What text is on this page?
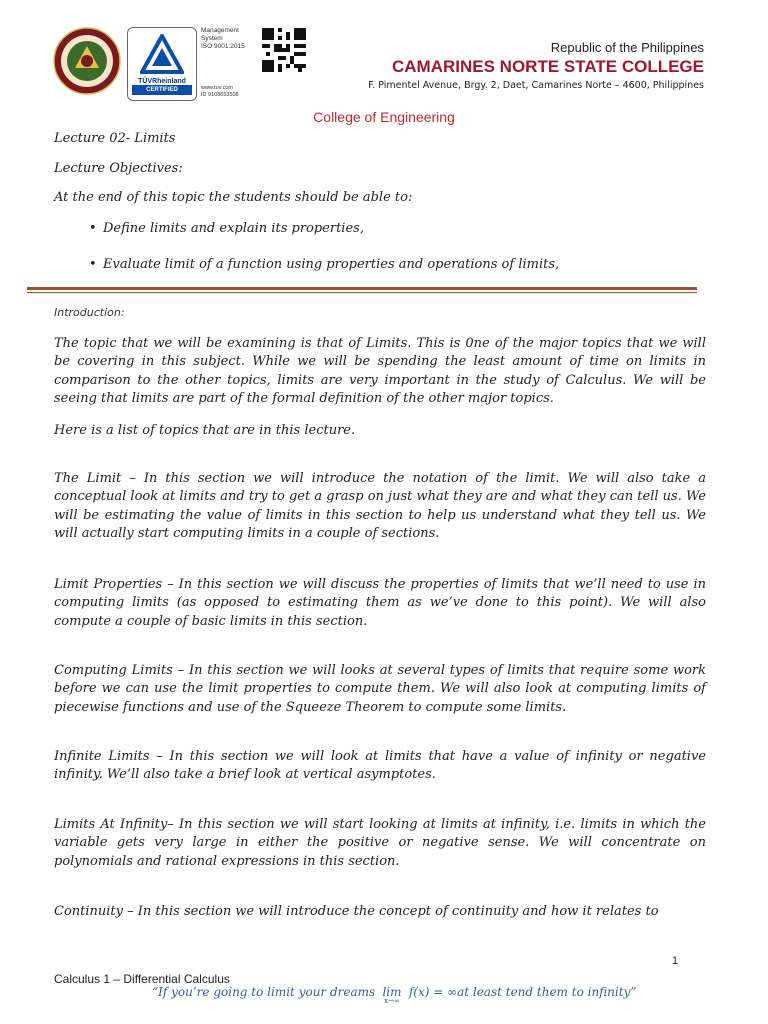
TÜVRheinland
CERTIFIED
Management
System
ISO 9001:2015
www.tuv.com
ID 9108653508
Republic of the Philippines
CAMARINES NORTE STATE COLLEGE
F. Pimentel Avenue, Brgy. 2, Daet, Camarines Norte – 4600, Philippines
College of Engineering
Lecture 02- Limits
Lecture Objectives:
At the end of this topic the students should be able to:
• Define limits and explain its properties,
• Evaluate limit of a function using properties and operations of limits,
Introduction:

The topic that we will be examining is that of Limits. This is 0ne of the major topics that we will be covering in this subject. While we will be spending the least amount of time on limits in comparison to the other topics, limits are very important in the study of Calculus. We will be seeing that limits are part of the formal definition of the other major topics.

Here is a list of topics that are in this lecture.

The Limit – In this section we will introduce the notation of the limit. We will also take a conceptual look at limits and try to get a grasp on just what they are and what they can tell us. We will be estimating the value of limits in this section to help us understand what they tell us. We will actually start computing limits in a couple of sections.

Limit Properties – In this section we will discuss the properties of limits that we’ll need to use in computing limits (as opposed to estimating them as we’ve done to this point). We will also compute a couple of basic limits in this section.

Computing Limits – In this section we will looks at several types of limits that require some work before we can use the limit properties to compute them. We will also look at computing limits of piecewise functions and use of the Squeeze Theorem to compute some limits.

Infinite Limits – In this section we will look at limits that have a value of infinity or negative infinity. We’ll also take a brief look at vertical asymptotes.

Limits At Infinity– In this section we will start looking at limits at infinity, i.e. limits in which the variable gets very large in either the positive or negative sense. We will concentrate on polynomials and rational expressions in this section.

Continuity – In this section we will introduce the concept of continuity and how it relates to

1
Calculus 1 – Differential Calculus
“If you’re going to limit your dreams lim
x→∞
f(x) = ∞at least tend them to infinity”
